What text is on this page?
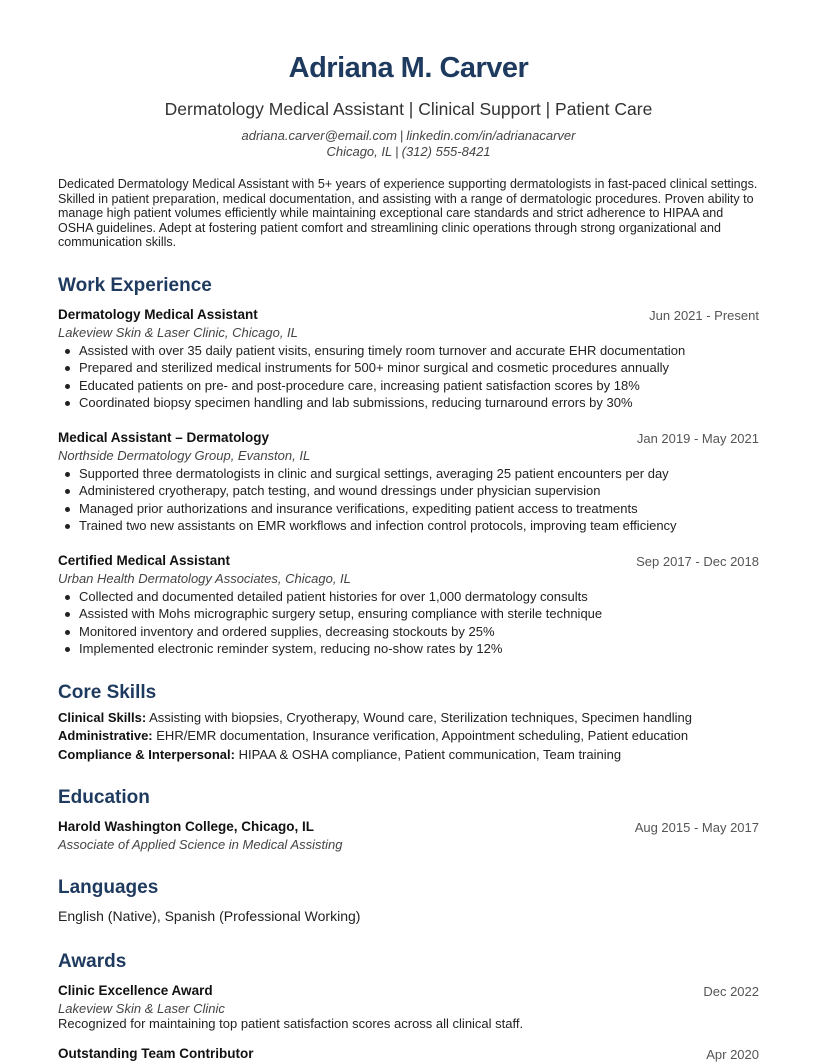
Adriana M. Carver
Dermatology Medical Assistant | Clinical Support | Patient Care
adriana.carver@email.com | linkedin.com/in/adrianacarver
Chicago, IL | (312) 555-8421
Dedicated Dermatology Medical Assistant with 5+ years of experience supporting dermatologists in fast-paced clinical settings. Skilled in patient preparation, medical documentation, and assisting with a range of dermatologic procedures. Proven ability to manage high patient volumes efficiently while maintaining exceptional care standards and strict adherence to HIPAA and OSHA guidelines. Adept at fostering patient comfort and streamlining clinic operations through strong organizational and communication skills.
Work Experience
Dermatology Medical Assistant	Jun 2021 - Present
Lakeview Skin & Laser Clinic, Chicago, IL
Assisted with over 35 daily patient visits, ensuring timely room turnover and accurate EHR documentation
Prepared and sterilized medical instruments for 500+ minor surgical and cosmetic procedures annually
Educated patients on pre- and post-procedure care, increasing patient satisfaction scores by 18%
Coordinated biopsy specimen handling and lab submissions, reducing turnaround errors by 30%
Medical Assistant – Dermatology	Jan 2019 - May 2021
Northside Dermatology Group, Evanston, IL
Supported three dermatologists in clinic and surgical settings, averaging 25 patient encounters per day
Administered cryotherapy, patch testing, and wound dressings under physician supervision
Managed prior authorizations and insurance verifications, expediting patient access to treatments
Trained two new assistants on EMR workflows and infection control protocols, improving team efficiency
Certified Medical Assistant	Sep 2017 - Dec 2018
Urban Health Dermatology Associates, Chicago, IL
Collected and documented detailed patient histories for over 1,000 dermatology consults
Assisted with Mohs micrographic surgery setup, ensuring compliance with sterile technique
Monitored inventory and ordered supplies, decreasing stockouts by 25%
Implemented electronic reminder system, reducing no-show rates by 12%
Core Skills
Clinical Skills: Assisting with biopsies, Cryotherapy, Wound care, Sterilization techniques, Specimen handling
Administrative: EHR/EMR documentation, Insurance verification, Appointment scheduling, Patient education
Compliance & Interpersonal: HIPAA & OSHA compliance, Patient communication, Team training
Education
Harold Washington College, Chicago, IL	Aug 2015 - May 2017
Associate of Applied Science in Medical Assisting
Languages
English (Native), Spanish (Professional Working)
Awards
Clinic Excellence Award	Dec 2022
Lakeview Skin & Laser Clinic
Recognized for maintaining top patient satisfaction scores across all clinical staff.
Outstanding Team Contributor	Apr 2020
